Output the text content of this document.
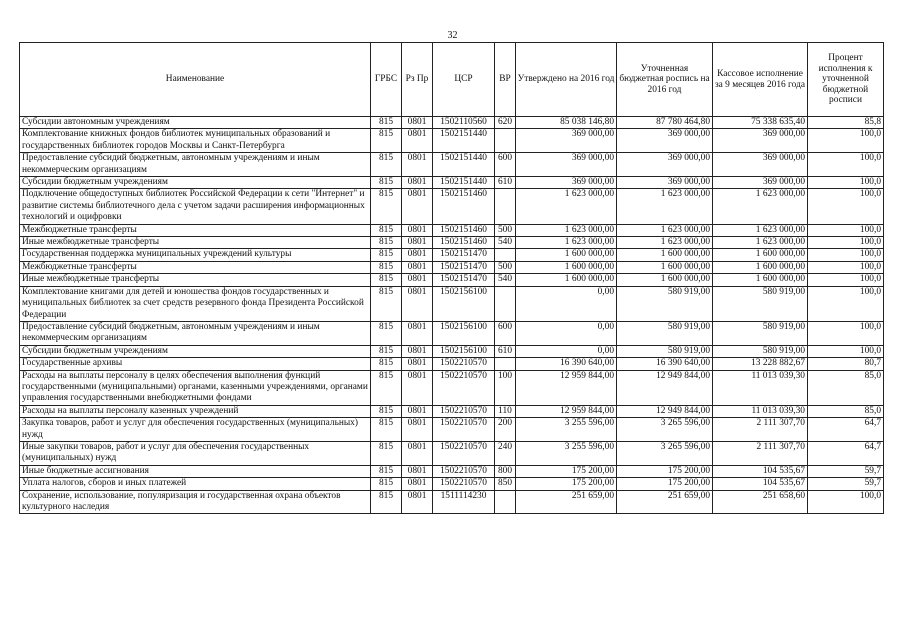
32
Наименование	ГРБС	Рз Пр	ЦСР	ВР	Утверждено на 2016 год	Уточненная бюджетная роспись на 2016 год	Кассовое исполнение за 9 месяцев 2016 года	Процент исполнения к уточненной бюджетной росписи
Субсидии автономным учреждениям	815	0801	1502110560	620	85 038 146,80	87 780 464,80	75 338 635,40	85,8
Комплектование книжных фондов библиотек муниципальных образований и государственных библиотек городов Москвы и Санкт-Петербурга	815	0801	1502151440		369 000,00	369 000,00	369 000,00	100,0
Предоставление субсидий бюджетным, автономным учреждениям и иным некоммерческим организациям	815	0801	1502151440	600	369 000,00	369 000,00	369 000,00	100,0
Субсидии бюджетным учреждениям	815	0801	1502151440	610	369 000,00	369 000,00	369 000,00	100,0
Подключение общедоступных библиотек Российской Федерации к сети "Интернет" и развитие системы библиотечного дела с учетом задачи расширения информационных технологий и оцифровки	815	0801	1502151460		1 623 000,00	1 623 000,00	1 623 000,00	100,0
Межбюджетные трансферты	815	0801	1502151460	500	1 623 000,00	1 623 000,00	1 623 000,00	100,0
Иные межбюджетные трансферты	815	0801	1502151460	540	1 623 000,00	1 623 000,00	1 623 000,00	100,0
Государственная поддержка муниципальных учреждений культуры	815	0801	1502151470		1 600 000,00	1 600 000,00	1 600 000,00	100,0
Межбюджетные трансферты	815	0801	1502151470	500	1 600 000,00	1 600 000,00	1 600 000,00	100,0
Иные межбюджетные трансферты	815	0801	1502151470	540	1 600 000,00	1 600 000,00	1 600 000,00	100,0
Комплектование книгами для детей и юношества фондов государственных и муниципальных библиотек за счет средств резервного фонда Президента Российской Федерации	815	0801	1502156100		0,00	580 919,00	580 919,00	100,0
Предоставление субсидий бюджетным, автономным учреждениям и иным некоммерческим организациям	815	0801	1502156100	600	0,00	580 919,00	580 919,00	100,0
Субсидии бюджетным учреждениям	815	0801	1502156100	610	0,00	580 919,00	580 919,00	100,0
Государственные архивы	815	0801	1502210570		16 390 640,00	16 390 640,00	13 228 882,67	80,7
Расходы на выплаты персоналу в целях обеспечения выполнения функций государственными (муниципальными) органами, казенными учреждениями, органами управления государственными внебюджетными фондами	815	0801	1502210570	100	12 959 844,00	12 949 844,00	11 013 039,30	85,0
Расходы на выплаты персоналу казенных учреждений	815	0801	1502210570	110	12 959 844,00	12 949 844,00	11 013 039,30	85,0
Закупка товаров, работ и услуг для обеспечения государственных (муниципальных) нужд	815	0801	1502210570	200	3 255 596,00	3 265 596,00	2 111 307,70	64,7
Иные закупки товаров, работ и услуг для обеспечения государственных (муниципальных) нужд	815	0801	1502210570	240	3 255 596,00	3 265 596,00	2 111 307,70	64,7
Иные бюджетные ассигнования	815	0801	1502210570	800	175 200,00	175 200,00	104 535,67	59,7
Уплата налогов, сборов и иных платежей	815	0801	1502210570	850	175 200,00	175 200,00	104 535,67	59,7
Сохранение, использование, популяризация и государственная охрана объектов культурного наследия	815	0801	1511114230		251 659,00	251 659,00	251 658,60	100,0
